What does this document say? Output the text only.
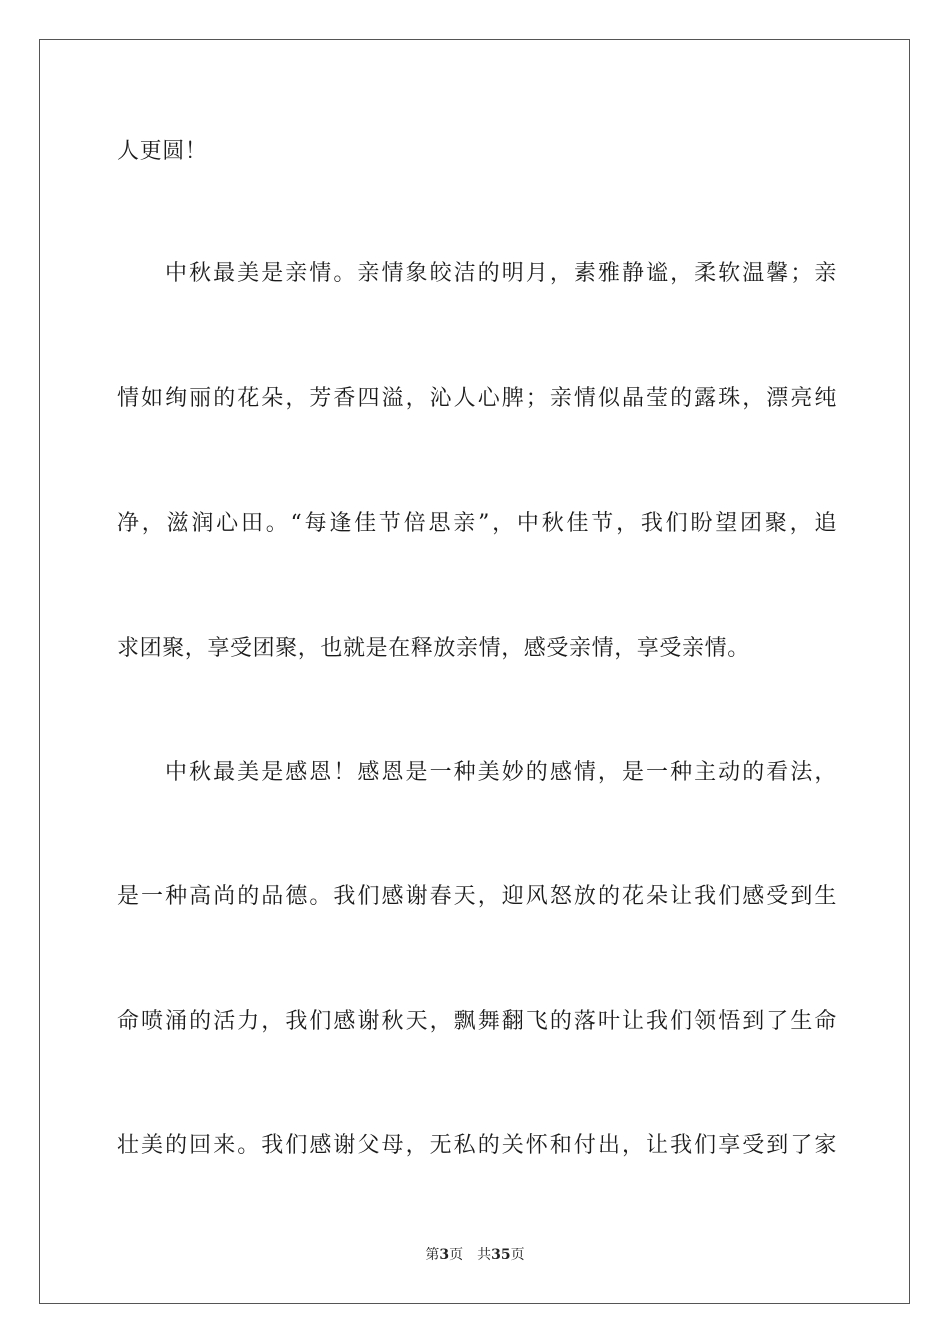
人更圆！

中秋最美是亲情。亲情象皎洁的明月，素雅静谧，柔软温馨；亲

情如绚丽的花朵，芳香四溢，沁人心脾；亲情似晶莹的露珠，漂亮纯

净，滋润心田。“每逢佳节倍思亲”，中秋佳节，我们盼望团聚，追

求团聚，享受团聚，也就是在释放亲情，感受亲情，享受亲情。

中秋最美是感恩！感恩是一种美妙的感情，是一种主动的看法，

是一种高尚的品德。我们感谢春天，迎风怒放的花朵让我们感受到生

命喷涌的活力，我们感谢秋天，飘舞翻飞的落叶让我们领悟到了生命

壮美的回来。我们感谢父母，无私的关怀和付出，让我们享受到了家

第3页 共35页
